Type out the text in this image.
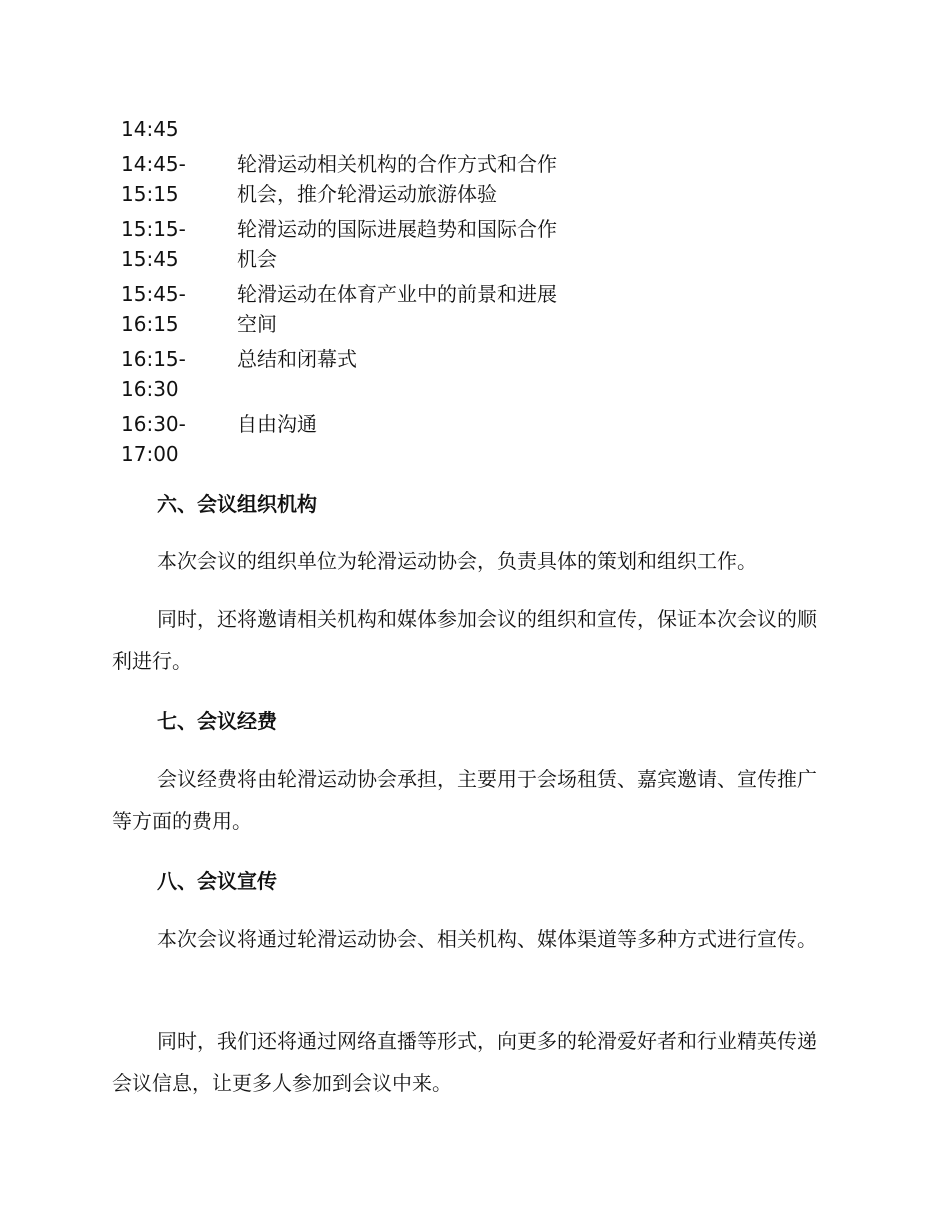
14:45
14:45-
15:15
轮滑运动相关机构的合作方式和合作
机会，推介轮滑运动旅游体验
15:15-
15:45
轮滑运动的国际进展趋势和国际合作
机会
15:45-
16:15
轮滑运动在体育产业中的前景和进展
空间
16:15-
16:30
总结和闭幕式
16:30-
17:00
自由沟通
六、会议组织机构
本次会议的组织单位为轮滑运动协会，负责具体的策划和组织工作。
同时，还将邀请相关机构和媒体参加会议的组织和宣传，保证本次会议的顺利进行。
七、会议经费
会议经费将由轮滑运动协会承担，主要用于会场租赁、嘉宾邀请、宣传推广等方面的费用。
八、会议宣传
本次会议将通过轮滑运动协会、相关机构、媒体渠道等多种方式进行宣传。
同时，我们还将通过网络直播等形式，向更多的轮滑爱好者和行业精英传递会议信息，让更多人参加到会议中来。
